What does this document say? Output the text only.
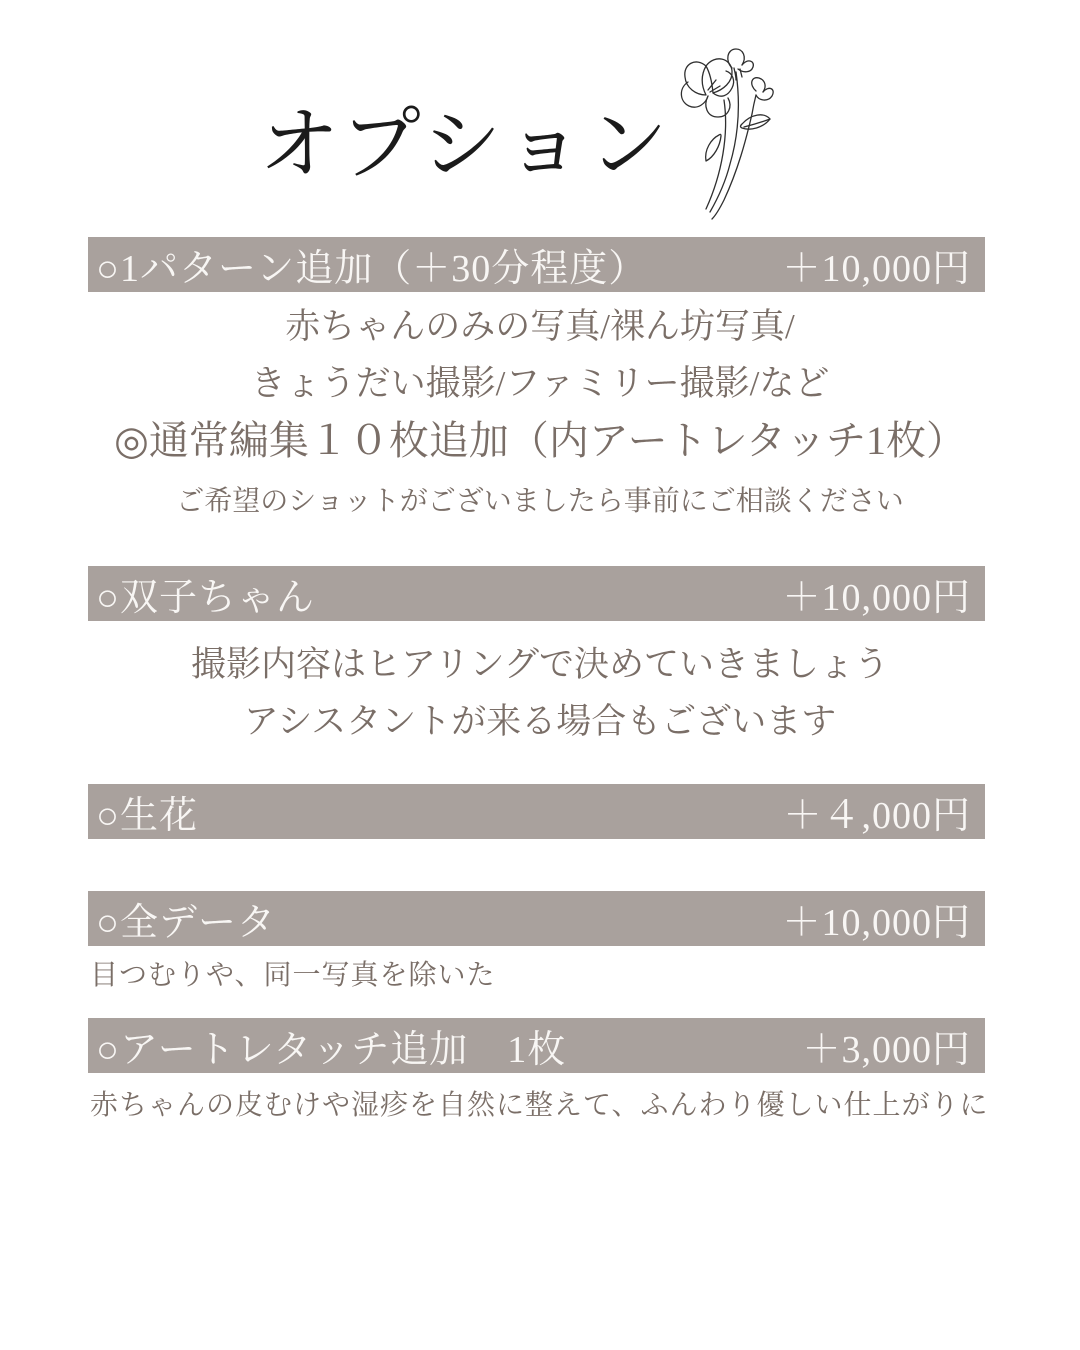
オプション
○1パターン追加（＋30分程度）	＋10,000円

赤ちゃんのみの写真/裸ん坊写真/

きょうだい撮影/ファミリー撮影/など

◎通常編集１０枚追加（内アートレタッチ1枚）

ご希望のショットがございましたら事前にご相談ください

○双子ちゃん	＋10,000円

撮影内容はヒアリングで決めていきましょう

アシスタントが来る場合もございます

○生花	＋４,000円
○全データ	＋10,000円

目つむりや、同一写真を除いた

○アートレタッチ追加　1枚	＋3,000円

赤ちゃんの皮むけや湿疹を自然に整えて、ふんわり優しい仕上がりに
